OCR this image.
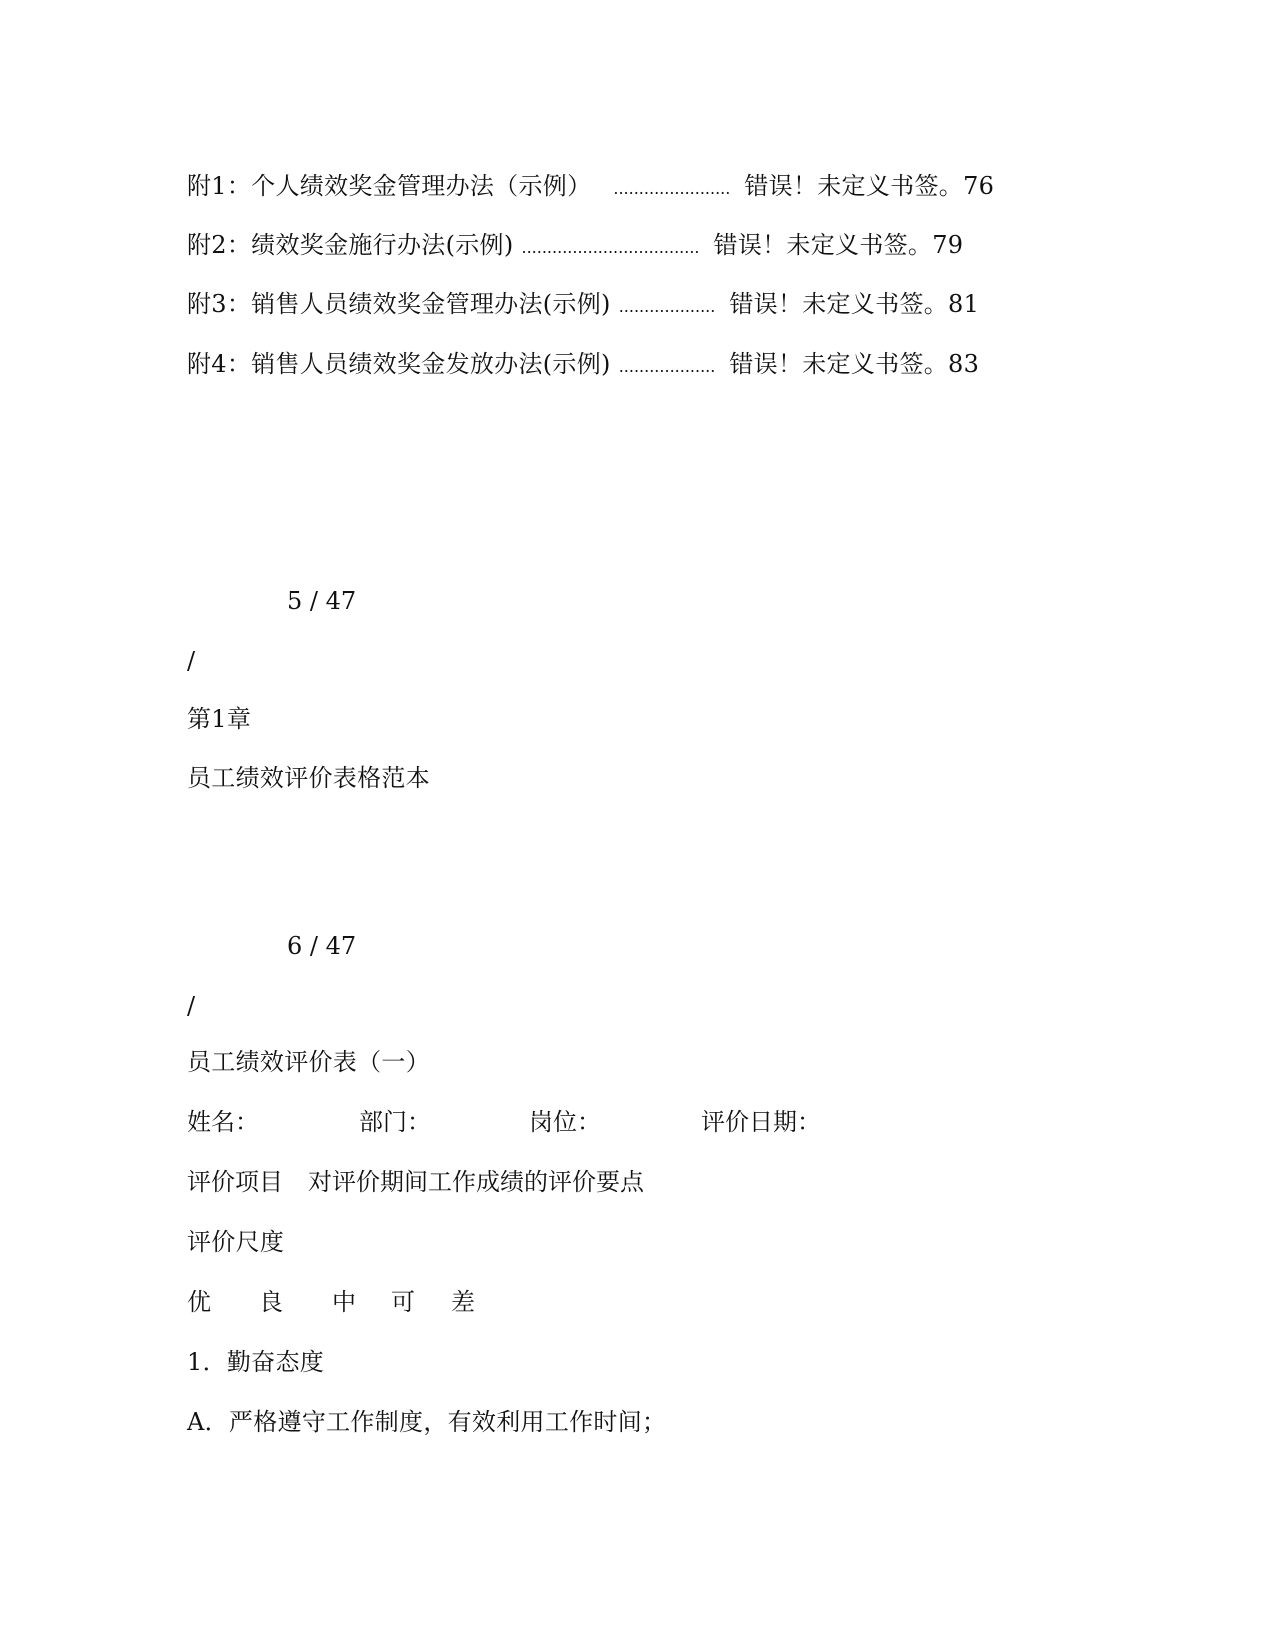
附1：个人绩效奖金管理办法（示例） ....................... 错误！未定义书签。 76
附2：绩效奖金施行办法(示例) ................................... 错误！未定义书签。 79
附3：销售人员绩效奖金管理办法(示例) ................... 错误！未定义书签。 81
附4：销售人员绩效奖金发放办法(示例) ................... 错误！未定义书签。 83
5 / 47
/
第1章
员工绩效评价表格范本
6 / 47
/
员工绩效评价表（一）
姓名：	部门：	岗位：	评价日期：
评价项目 对评价期间工作成绩的评价要点
评价尺度
优 良 中 可 差
1．勤奋态度
A．严格遵守工作制度，有效利用工作时间；
